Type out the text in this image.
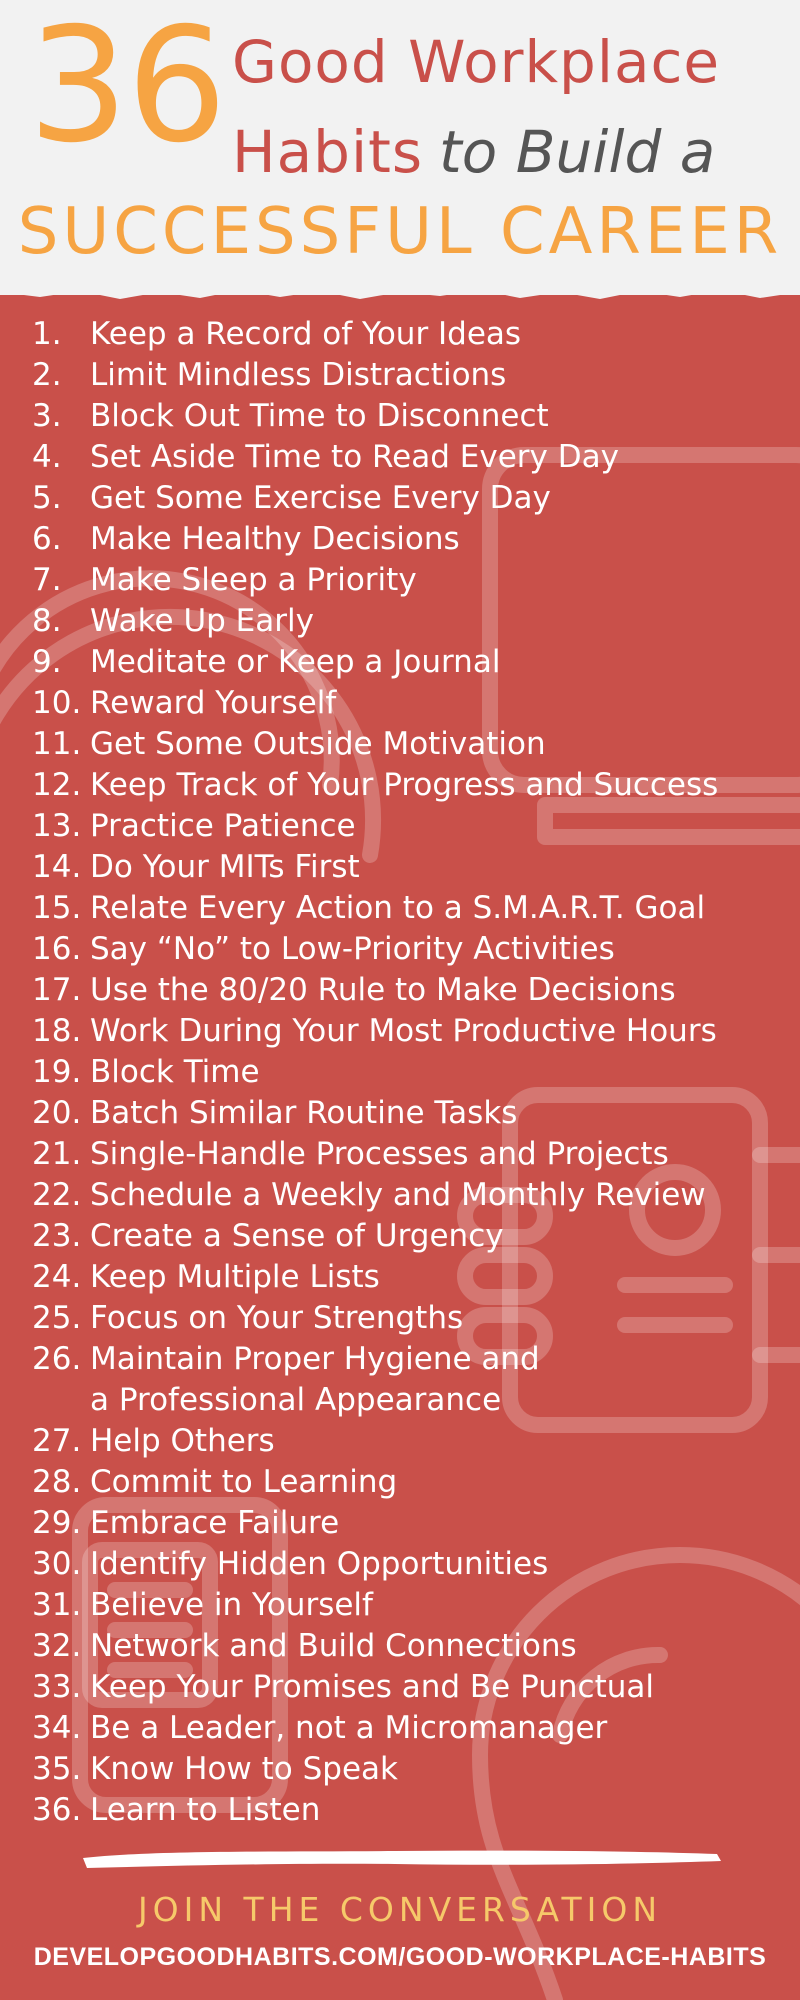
36 Good Workplace
Habits to Build a
SUCCESSFUL CAREER
1. Keep a Record of Your Ideas
2. Limit Mindless Distractions
3. Block Out Time to Disconnect
4. Set Aside Time to Read Every Day
5. Get Some Exercise Every Day
6. Make Healthy Decisions
7. Make Sleep a Priority
8. Wake Up Early
9. Meditate or Keep a Journal
10. Reward Yourself
11. Get Some Outside Motivation
12. Keep Track of Your Progress and Success
13. Practice Patience
14. Do Your MITs First
15. Relate Every Action to a S.M.A.R.T. Goal
16. Say “No” to Low-Priority Activities
17. Use the 80/20 Rule to Make Decisions
18. Work During Your Most Productive Hours
19. Block Time
20. Batch Similar Routine Tasks
21. Single-Handle Processes and Projects
22. Schedule a Weekly and Monthly Review
23. Create a Sense of Urgency
24. Keep Multiple Lists
25. Focus on Your Strengths
26. Maintain Proper Hygiene and
a Professional Appearance
27. Help Others
28. Commit to Learning
29. Embrace Failure
30. Identify Hidden Opportunities
31. Believe in Yourself
32. Network and Build Connections
33. Keep Your Promises and Be Punctual
34. Be a Leader, not a Micromanager
35. Know How to Speak
36. Learn to Listen
JOIN THE CONVERSATION
DEVELOPGOODHABITS.COM/GOOD-WORKPLACE-HABITS
